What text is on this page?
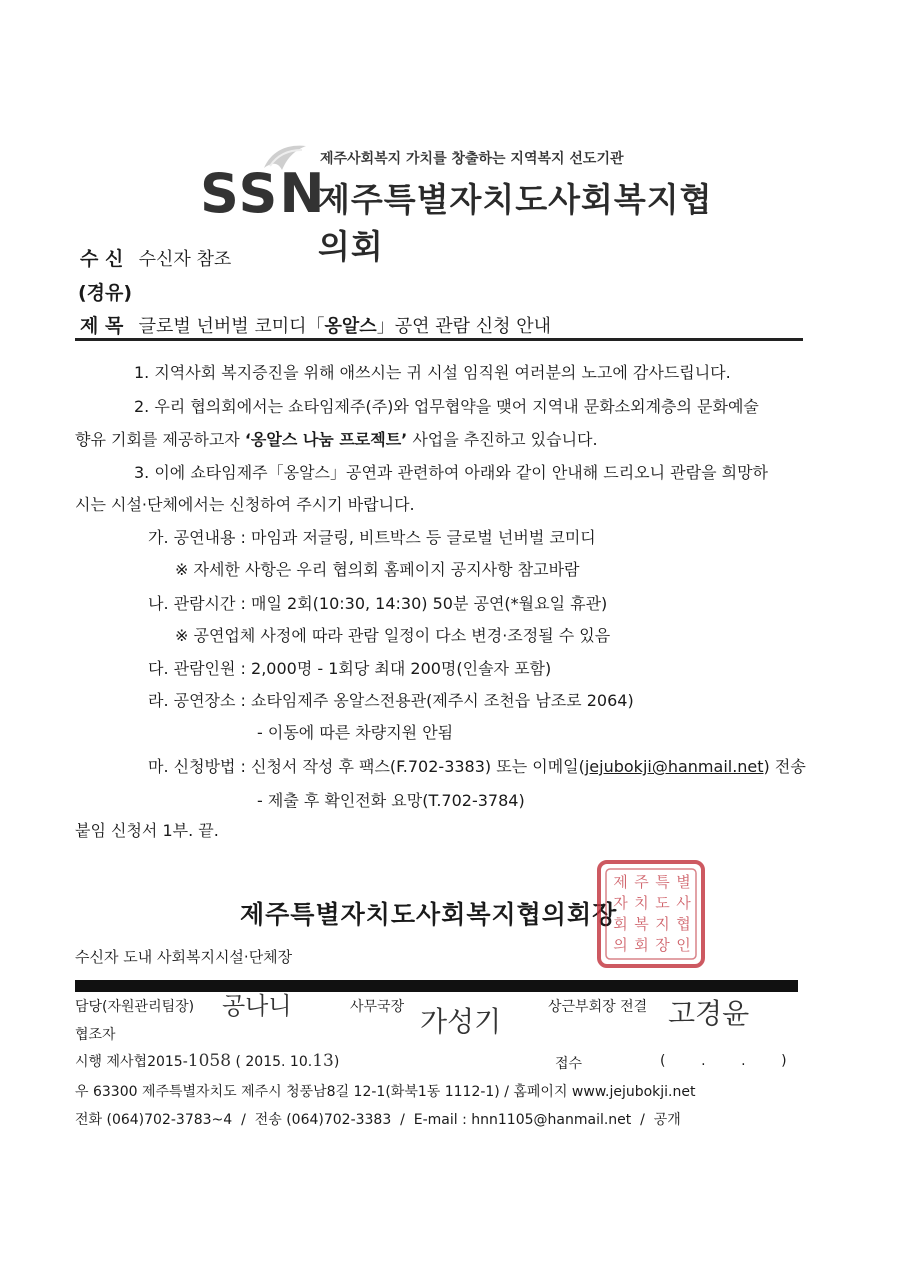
제주사회복지 가치를 창출하는 지역복지 선도기관
SSN
제주특별자치도사회복지협의회
수 신 수신자 참조
(경유)
제 목 글로벌 넌버벌 코미디「옹알스」공연 관람 신청 안내
1. 지역사회 복지증진을 위해 애쓰시는 귀 시설 임직원 여러분의 노고에 감사드립니다.
2. 우리 협의회에서는 쇼타임제주(주)와 업무협약을 맺어 지역내 문화소외계층의 문화예술
향유 기회를 제공하고자 ‘옹알스 나눔 프로젝트’ 사업을 추진하고 있습니다.
3. 이에 쇼타임제주「옹알스」공연과 관련하여 아래와 같이 안내해 드리오니 관람을 희망하
시는 시설·단체에서는 신청하여 주시기 바랍니다.
가. 공연내용 : 마임과 저글링, 비트박스 등 글로벌 넌버벌 코미디
※ 자세한 사항은 우리 협의회 홈페이지 공지사항 참고바람
나. 관람시간 : 매일 2회(10:30, 14:30) 50분 공연(*월요일 휴관)
※ 공연업체 사정에 따라 관람 일정이 다소 변경·조정될 수 있음
다. 관람인원 : 2,000명 - 1회당 최대 200명(인솔자 포함)
라. 공연장소 : 쇼타임제주 옹알스전용관(제주시 조천읍 남조로 2064)
- 이동에 따른 차량지원 안됨
마. 신청방법 : 신청서 작성 후 팩스(F.702-3383) 또는 이메일(jejubokji@hanmail.net) 전송
- 제출 후 확인전화 요망(T.702-3784)
붙임 신청서 1부. 끝.
제주특별자치도사회복지협의회장
제 주 특 별
자 치 도 사
회 복 지 협
의 회 장 인
수신자 도내 사회복지시설·단체장
담당(자원관리팀장) 공나니	사무국장 가성기	상근부회장 전결 고경윤
협조자
시행 제사협2015-1058 ( 2015. 10.13)	접수	(        .        .        )
우 63300 제주특별자치도 제주시 청풍남8길 12-1(화북1동 1112-1) / 홈페이지 www.jejubokji.net
전화 (064)702-3783~4  /  전송 (064)702-3383  /  E-mail : hnn1105@hanmail.net  /  공개
